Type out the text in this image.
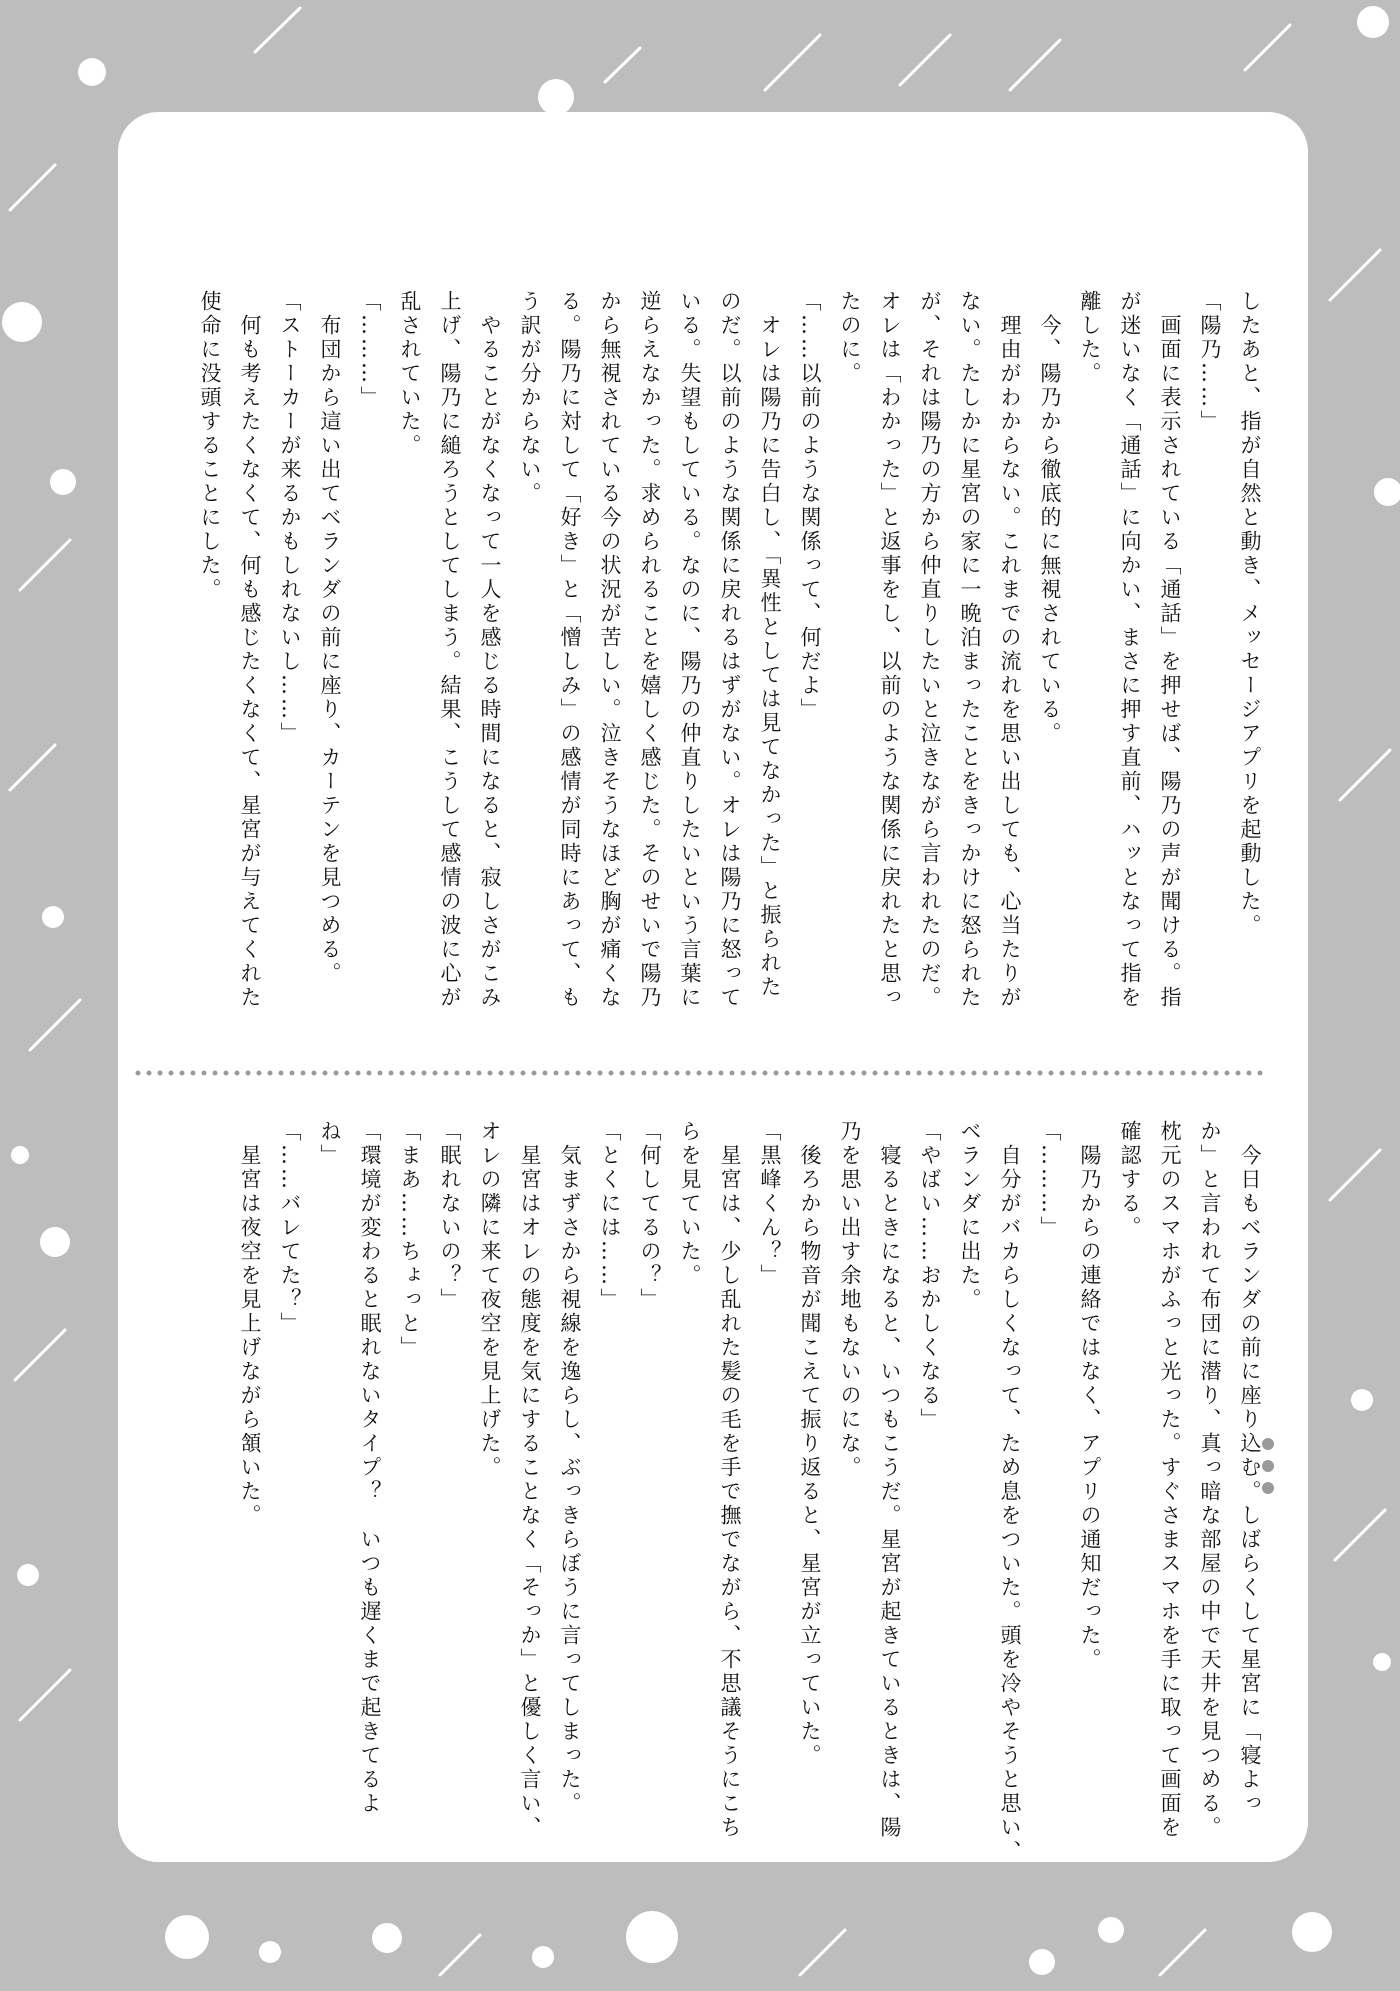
したあと、指が自然と動き、メッセージアプリを起動した。

「陽乃……」

　画面に表示されている「通話」を押せば、陽乃の声が聞ける。指

が迷いなく「通話」に向かい、まさに押す直前、ハッとなって指を

離した。

　今、陽乃から徹底的に無視されている。

　理由がわからない。これまでの流れを思い出しても、心当たりが

ない。たしかに星宮の家に一晩泊まったことをきっかけに怒られた

が、それは陽乃の方から仲直りしたいと泣きながら言われたのだ。

オレは「わかった」と返事をし、以前のような関係に戻れたと思っ

たのに。

「……以前のような関係って、何だよ」

　オレは陽乃に告白し、「異性としては見てなかった」と振られた

のだ。以前のような関係に戻れるはずがない。オレは陽乃に怒って

いる。失望もしている。なのに、陽乃の仲直りしたいという言葉に

逆らえなかった。求められることを嬉しく感じた。そのせいで陽乃

から無視されている今の状況が苦しい。泣きそうなほど胸が痛くな

る。陽乃に対して「好き」と「憎しみ」の感情が同時にあって、も

う訳が分からない。

　やることがなくなって一人を感じる時間になると、寂しさがこみ

上げ、陽乃に縋ろうとしてしまう。結果、こうして感情の波に心が

乱されていた。

「………」

　布団から這い出てベランダの前に座り、カーテンを見つめる。

「ストーカーが来るかもしれないし……」

　何も考えたくなくて、何も感じたくなくて、星宮が与えてくれた

使命に没頭することにした。

　今日もベランダの前に座り込む。しばらくして星宮に「寝よっ

か」と言われて布団に潜り、真っ暗な部屋の中で天井を見つめる。

枕元のスマホがふっと光った。すぐさまスマホを手に取って画面を

確認する。

　陽乃からの連絡ではなく、アプリの通知だった。

「………」

　自分がバカらしくなって、ため息をついた。頭を冷やそうと思い、

ベランダに出た。

「やばい……おかしくなる」

　寝るときになると、いつもこうだ。星宮が起きているときは、陽

乃を思い出す余地もないのにな。

　後ろから物音が聞こえて振り返ると、星宮が立っていた。

「黒峰くん？」

　星宮は、少し乱れた髪の毛を手で撫でながら、不思議そうにこち

らを見ていた。

「何してるの？」

「とくには……」

　気まずさから視線を逸らし、ぶっきらぼうに言ってしまった。

　星宮はオレの態度を気にすることなく「そっか」と優しく言い、

オレの隣に来て夜空を見上げた。

「眠れないの？」

「まあ……ちょっと」

「環境が変わると眠れないタイプ？　いつも遅くまで起きてるよ

ね」

「……バレてた？」

　星宮は夜空を見上げながら頷いた。
